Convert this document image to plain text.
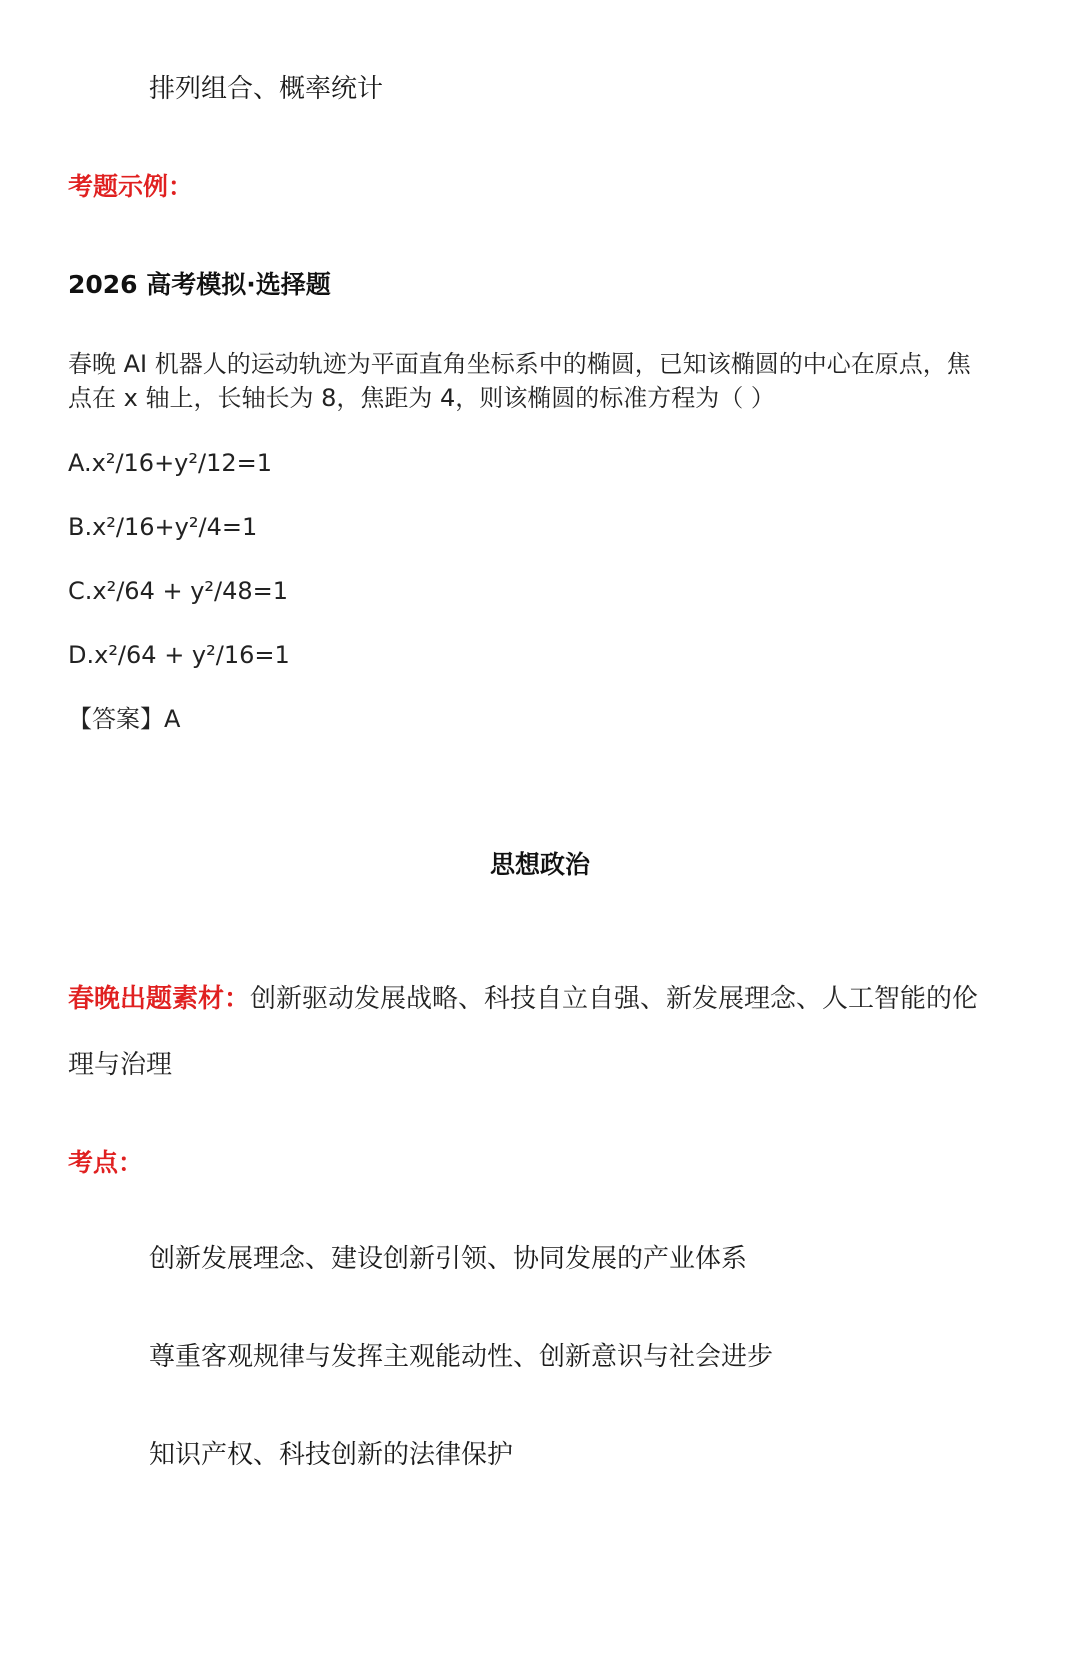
排列组合、概率统计
考题示例：
2026 高考模拟·选择题
春晚 AI 机器人的运动轨迹为平面直角坐标系中的椭圆，已知该椭圆的中心在原点，焦
点在 x 轴上，长轴长为 8，焦距为 4，则该椭圆的标准方程为（ ）
A.x²/16+y²/12=1
B.x²/16+y²/4=1
C.x²/64 + y²/48=1
D.x²/64 + y²/16=1
【答案】A
思想政治
春晚出题素材：创新驱动发展战略、科技自立自强、新发展理念、人工智能的伦
理与治理
考点：
创新发展理念、建设创新引领、协同发展的产业体系
尊重客观规律与发挥主观能动性、创新意识与社会进步
知识产权、科技创新的法律保护
